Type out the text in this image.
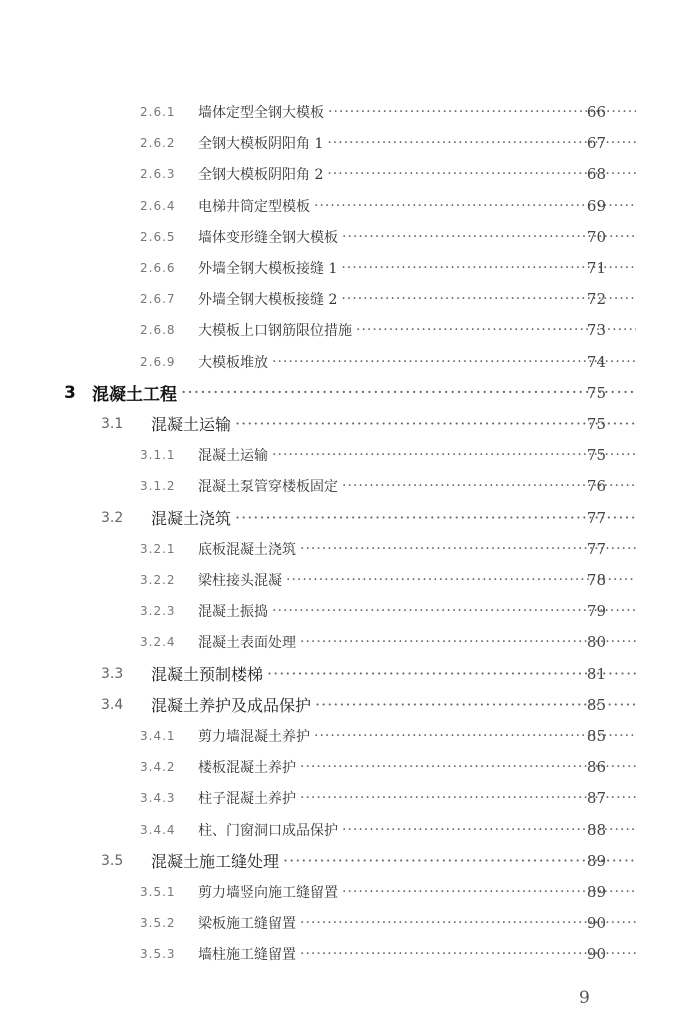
2.6.1	墙体定型全钢大模板 ·····	66
2.6.2	全钢大模板阴阳角 1 ·····	67
2.6.3	全钢大模板阴阳角 2 ·····	68
2.6.4	电梯井筒定型模板 ·····	69
2.6.5	墙体变形缝全钢大模板 ·····	70
2.6.6	外墙全钢大模板接缝 1 ·····	71
2.6.7	外墙全钢大模板接缝 2 ·····	72
2.6.8	大模板上口钢筋限位措施 ·····	73
2.6.9	大模板堆放 ·····	74
3 混凝土工程 ·····	75
3.1	混凝土运输 ·····	75
3.1.1	混凝土运输 ·····	75
3.1.2	混凝土泵管穿楼板固定 ·····	76
3.2	混凝土浇筑 ·····	77
3.2.1	底板混凝土浇筑 ·····	77
3.2.2	梁柱接头混凝 ·····	78
3.2.3	混凝土振捣 ·····	79
3.2.4	混凝土表面处理 ·····	80
3.3	混凝土预制楼梯 ·····	81
3.4	混凝土养护及成品保护 ·····	85
3.4.1	剪力墙混凝土养护 ·····	85
3.4.2	楼板混凝土养护 ·····	86
3.4.3	柱子混凝土养护 ·····	87
3.4.4	柱、门窗洞口成品保护 ·····	88
3.5	混凝土施工缝处理 ·····	89
3.5.1	剪力墙竖向施工缝留置 ·····	89
3.5.2	梁板施工缝留置 ·····	90
3.5.3	墙柱施工缝留置 ·····	90
9
